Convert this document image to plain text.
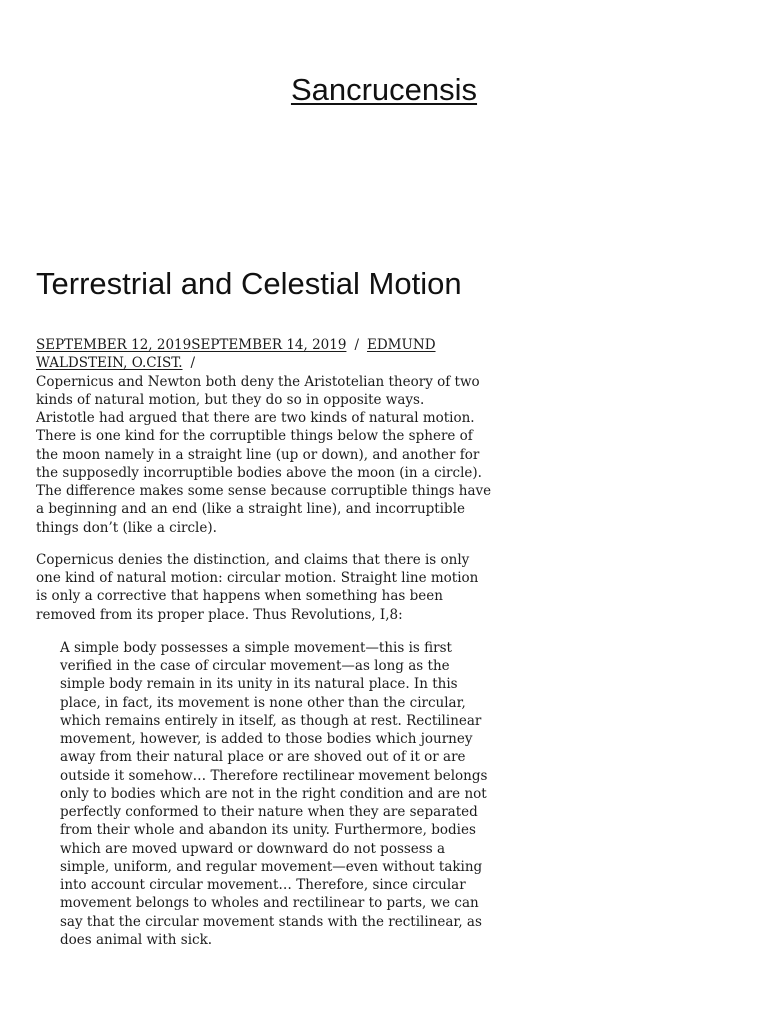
Sancrucensis
Terrestrial and Celestial Motion
SEPTEMBER 12, 2019SEPTEMBER 14, 2019 / EDMUND WALDSTEIN, O.CIST. /

Copernicus and Newton both deny the Aristotelian theory of two
kinds of natural motion, but they do so in opposite ways.
Aristotle had argued that there are two kinds of natural motion.
There is one kind for the corruptible things below the sphere of
the moon namely in a straight line (up or down), and another for
the supposedly incorruptible bodies above the moon (in a circle).
The difference makes some sense because corruptible things have
a beginning and an end (like a straight line), and incorruptible
things don’t (like a circle).

Copernicus denies the distinction, and claims that there is only
one kind of natural motion: circular motion. Straight line motion
is only a corrective that happens when something has been
removed from its proper place. Thus Revolutions, I,8:

A simple body possesses a simple movement—this is first
verified in the case of circular movement—as long as the
simple body remain in its unity in its natural place. In this
place, in fact, its movement is none other than the circular,
which remains entirely in itself, as though at rest. Rectilinear
movement, however, is added to those bodies which journey
away from their natural place or are shoved out of it or are
outside it somehow… Therefore rectilinear movement belongs
only to bodies which are not in the right condition and are not
perfectly conformed to their nature when they are separated
from their whole and abandon its unity. Furthermore, bodies
which are moved upward or downward do not possess a
simple, uniform, and regular movement—even without taking
into account circular movement… Therefore, since circular
movement belongs to wholes and rectilinear to parts, we can
say that the circular movement stands with the rectilinear, as
does animal with sick.
